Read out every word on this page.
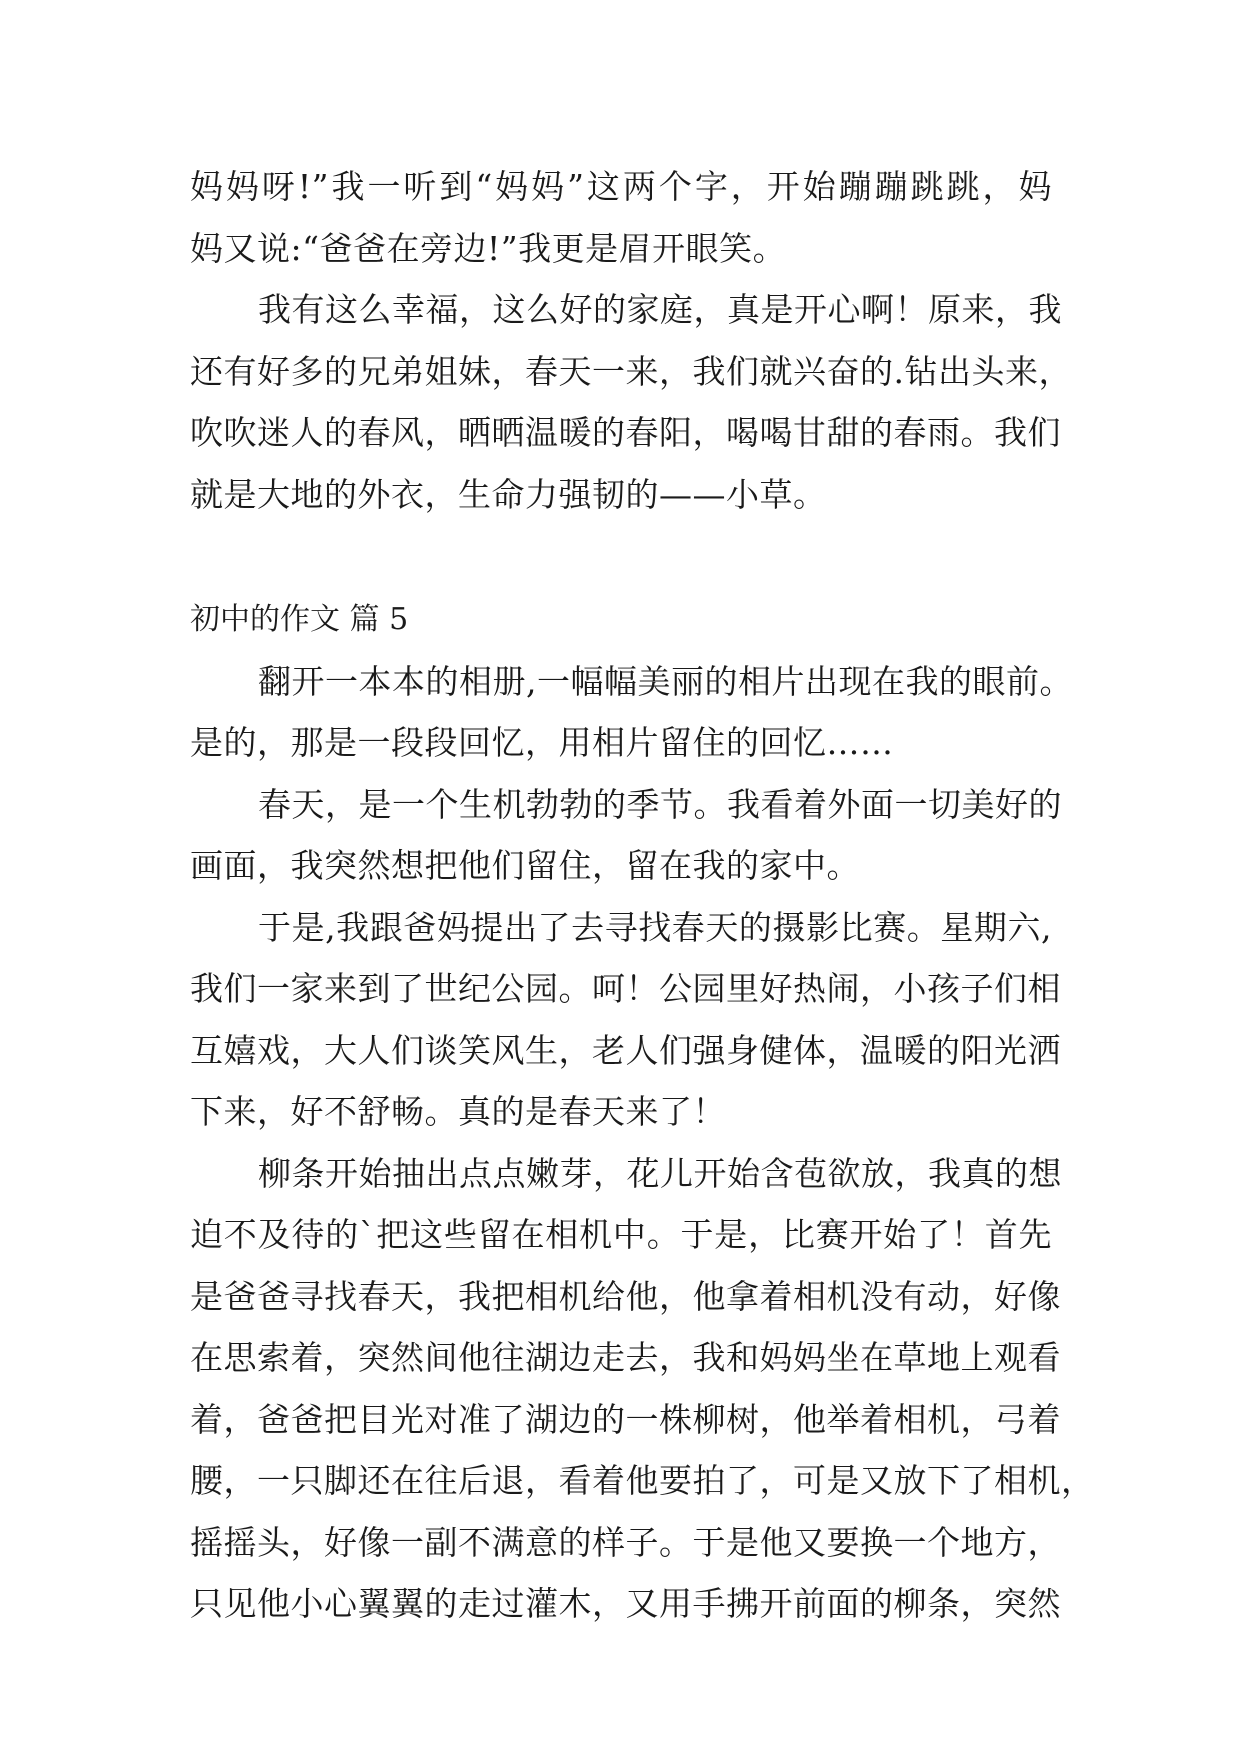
妈妈呀!”我一听到“妈妈”这两个字，开始蹦蹦跳跳，妈
妈又说:“爸爸在旁边!”我更是眉开眼笑。
我有这么幸福，这么好的家庭，真是开心啊！原来，我
还有好多的兄弟姐妹，春天一来，我们就兴奋的.钻出头来，
吹吹迷人的春风，晒晒温暖的春阳，喝喝甘甜的春雨。我们
就是大地的外衣，生命力强韧的——小草。
初中的作文 篇 5
翻开一本本的相册,一幅幅美丽的相片出现在我的眼前。
是的，那是一段段回忆，用相片留住的回忆……
春天，是一个生机勃勃的季节。我看着外面一切美好的
画面，我突然想把他们留住，留在我的家中。
于是,我跟爸妈提出了去寻找春天的摄影比赛。星期六,
我们一家来到了世纪公园。呵！公园里好热闹，小孩子们相
互嬉戏，大人们谈笑风生，老人们强身健体，温暖的阳光洒
下来，好不舒畅。真的是春天来了！
柳条开始抽出点点嫩芽，花儿开始含苞欲放，我真的想
迫不及待的`把这些留在相机中。于是，比赛开始了！首先
是爸爸寻找春天，我把相机给他，他拿着相机没有动，好像
在思索着，突然间他往湖边走去，我和妈妈坐在草地上观看
着，爸爸把目光对准了湖边的一株柳树，他举着相机，弓着
腰，一只脚还在往后退，看着他要拍了，可是又放下了相机，
摇摇头，好像一副不满意的样子。于是他又要换一个地方，
只见他小心翼翼的走过灌木，又用手拂开前面的柳条，突然
